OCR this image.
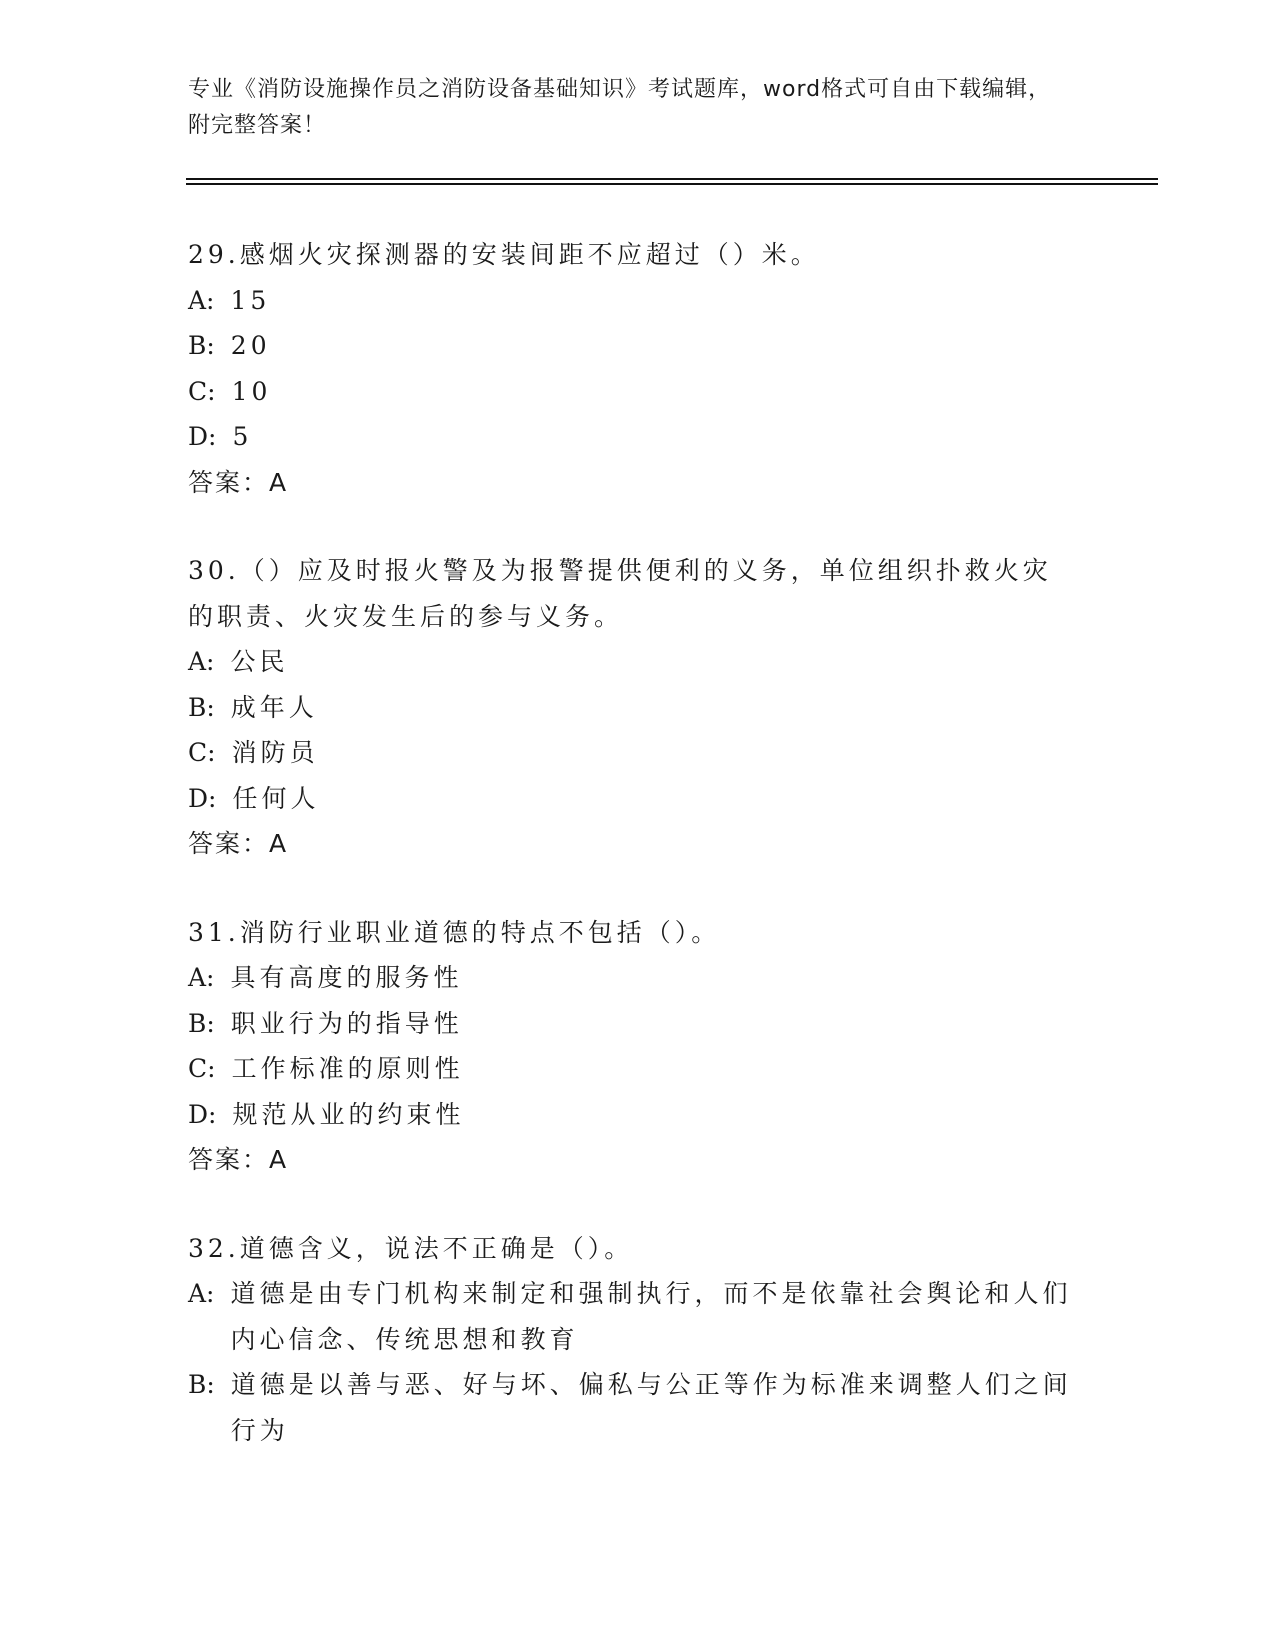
专业《消防设施操作员之消防设备基础知识》考试题库，word格式可自由下载编辑，附完整答案！
29.感烟火灾探测器的安装间距不应超过（）米。
A: 15
B: 20
C: 10
D: 5
答案：A
30.（）应及时报火警及为报警提供便利的义务，单位组织扑救火灾的职责、火灾发生后的参与义务。
A: 公民
B: 成年人
C: 消防员
D: 任何人
答案：A
31.消防行业职业道德的特点不包括（）。
A: 具有高度的服务性
B: 职业行为的指导性
C: 工作标准的原则性
D: 规范从业的约束性
答案：A
32.道德含义，说法不正确是（）。
A: 道德是由专门机构来制定和强制执行，而不是依靠社会舆论和人们内心信念、传统思想和教育
B: 道德是以善与恶、好与坏、偏私与公正等作为标准来调整人们之间行为
